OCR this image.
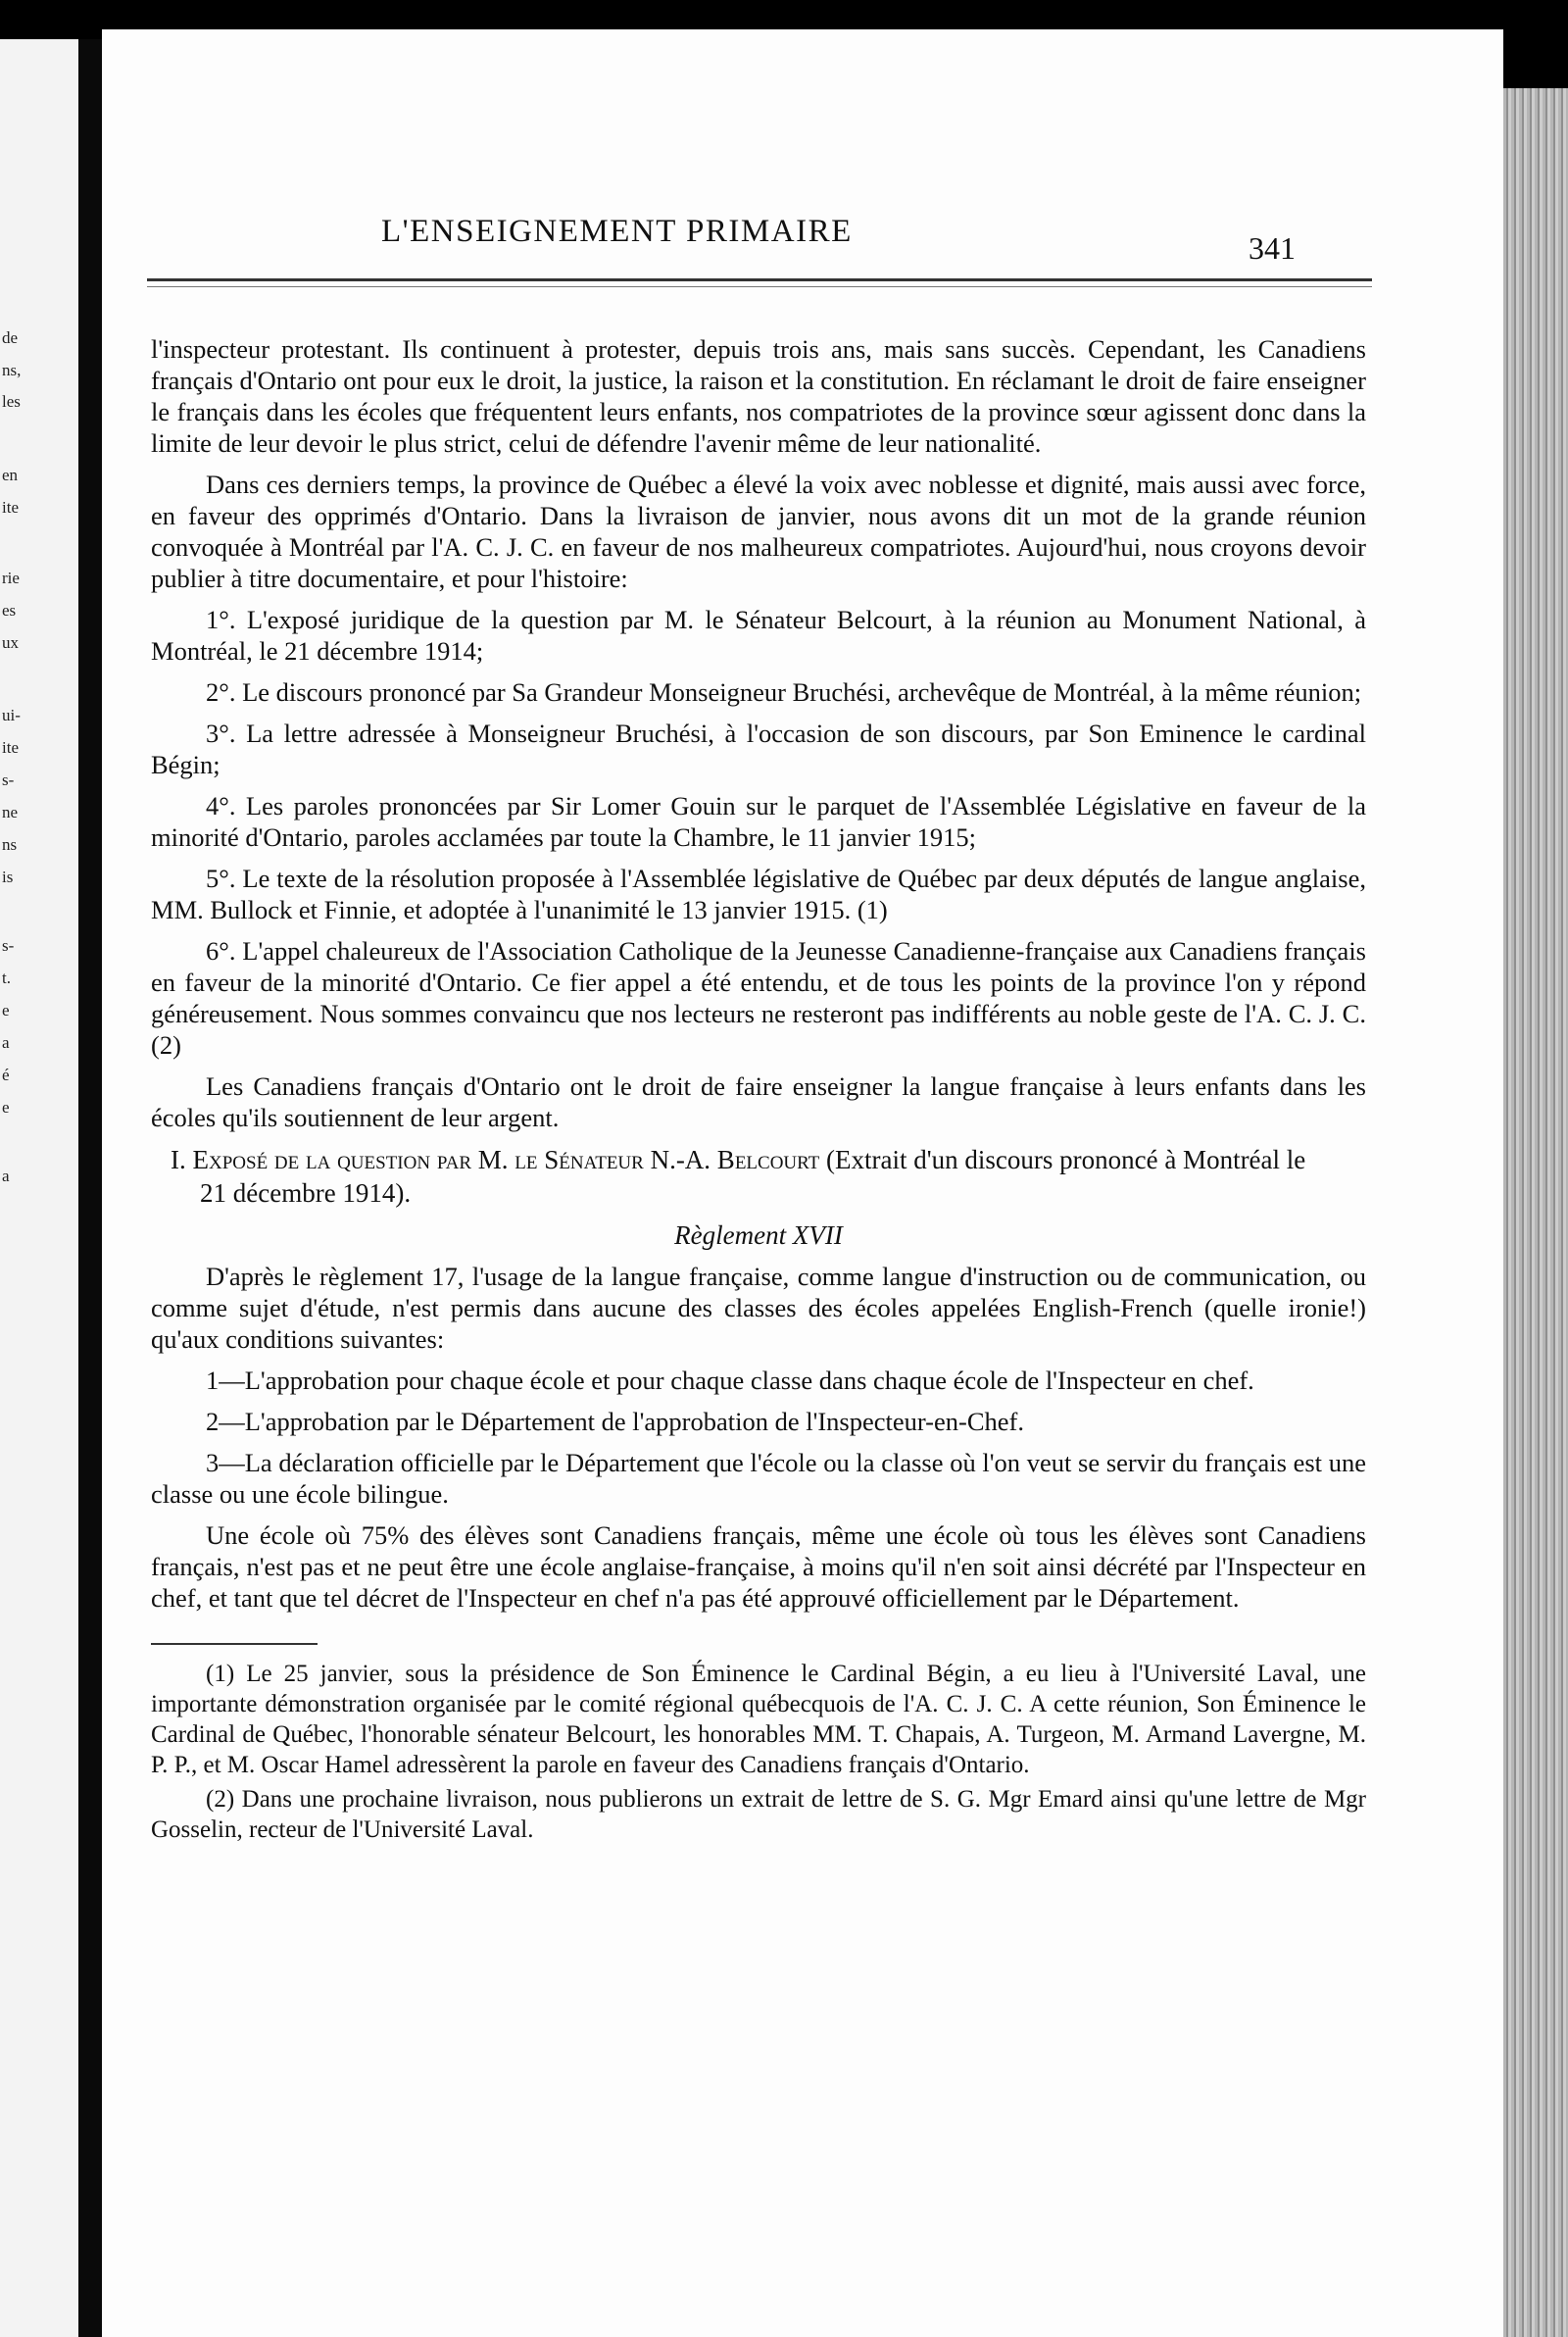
de
ns,
les
en
ite
rie
es
ux
ui-
ite
s-
ne
ns
is
s-
t.
e
a
é
e
a
L'ENSEIGNEMENT PRIMAIRE	341

l'inspecteur protestant. Ils continuent à protester, depuis trois ans, mais sans succès. Cependant, les Canadiens français d'Ontario ont pour eux le droit, la justice, la raison et la constitution. En réclamant le droit de faire enseigner le français dans les écoles que fréquentent leurs enfants, nos compatriotes de la province sœur agissent donc dans la limite de leur devoir le plus strict, celui de défendre l'avenir même de leur nationalité.

Dans ces derniers temps, la province de Québec a élevé la voix avec noblesse et dignité, mais aussi avec force, en faveur des opprimés d'Ontario. Dans la livraison de janvier, nous avons dit un mot de la grande réunion convoquée à Montréal par l'A. C. J. C. en faveur de nos malheureux compatriotes. Aujourd'hui, nous croyons devoir publier à titre documentaire, et pour l'histoire:

1°. L'exposé juridique de la question par M. le Sénateur Belcourt, à la réunion au Monument National, à Montréal, le 21 décembre 1914;

2°. Le discours prononcé par Sa Grandeur Monseigneur Bruchési, archevêque de Montréal, à la même réunion;

3°. La lettre adressée à Monseigneur Bruchési, à l'occasion de son discours, par Son Eminence le cardinal Bégin;

4°. Les paroles prononcées par Sir Lomer Gouin sur le parquet de l'Assemblée Législative en faveur de la minorité d'Ontario, paroles acclamées par toute la Chambre, le 11 janvier 1915;

5°. Le texte de la résolution proposée à l'Assemblée législative de Québec par deux députés de langue anglaise, MM. Bullock et Finnie, et adoptée à l'unanimité le 13 janvier 1915. (1)

6°. L'appel chaleureux de l'Association Catholique de la Jeunesse Canadienne-française aux Canadiens français en faveur de la minorité d'Ontario. Ce fier appel a été entendu, et de tous les points de la province l'on y répond généreusement. Nous sommes convaincu que nos lecteurs ne resteront pas indifférents au noble geste de l'A. C. J. C. (2)

Les Canadiens français d'Ontario ont le droit de faire enseigner la langue française à leurs enfants dans les écoles qu'ils soutiennent de leur argent.

I. Exposé de la question par M. le Sénateur N.-A. Belcourt (Extrait d'un discours prononcé à Montréal le 21 décembre 1914).

Règlement XVII

D'après le règlement 17, l'usage de la langue française, comme langue d'instruction ou de communication, ou comme sujet d'étude, n'est permis dans aucune des classes des écoles appelées English-French (quelle ironie!) qu'aux conditions suivantes:

1—L'approbation pour chaque école et pour chaque classe dans chaque école de l'Inspecteur en chef.

2—L'approbation par le Département de l'approbation de l'Inspecteur-en-Chef.

3—La déclaration officielle par le Département que l'école ou la classe où l'on veut se servir du français est une classe ou une école bilingue.

Une école où 75% des élèves sont Canadiens français, même une école où tous les élèves sont Canadiens français, n'est pas et ne peut être une école anglaise-française, à moins qu'il n'en soit ainsi décrété par l'Inspecteur en chef, et tant que tel décret de l'Inspecteur en chef n'a pas été approuvé officiellement par le Département.

(1) Le 25 janvier, sous la présidence de Son Éminence le Cardinal Bégin, a eu lieu à l'Université Laval, une importante démonstration organisée par le comité régional québecquois de l'A. C. J. C. A cette réunion, Son Éminence le Cardinal de Québec, l'honorable sénateur Belcourt, les honorables MM. T. Chapais, A. Turgeon, M. Armand Lavergne, M. P. P., et M. Oscar Hamel adressèrent la parole en faveur des Canadiens français d'Ontario.

(2) Dans une prochaine livraison, nous publierons un extrait de lettre de S. G. Mgr Emard ainsi qu'une lettre de Mgr Gosselin, recteur de l'Université Laval.
